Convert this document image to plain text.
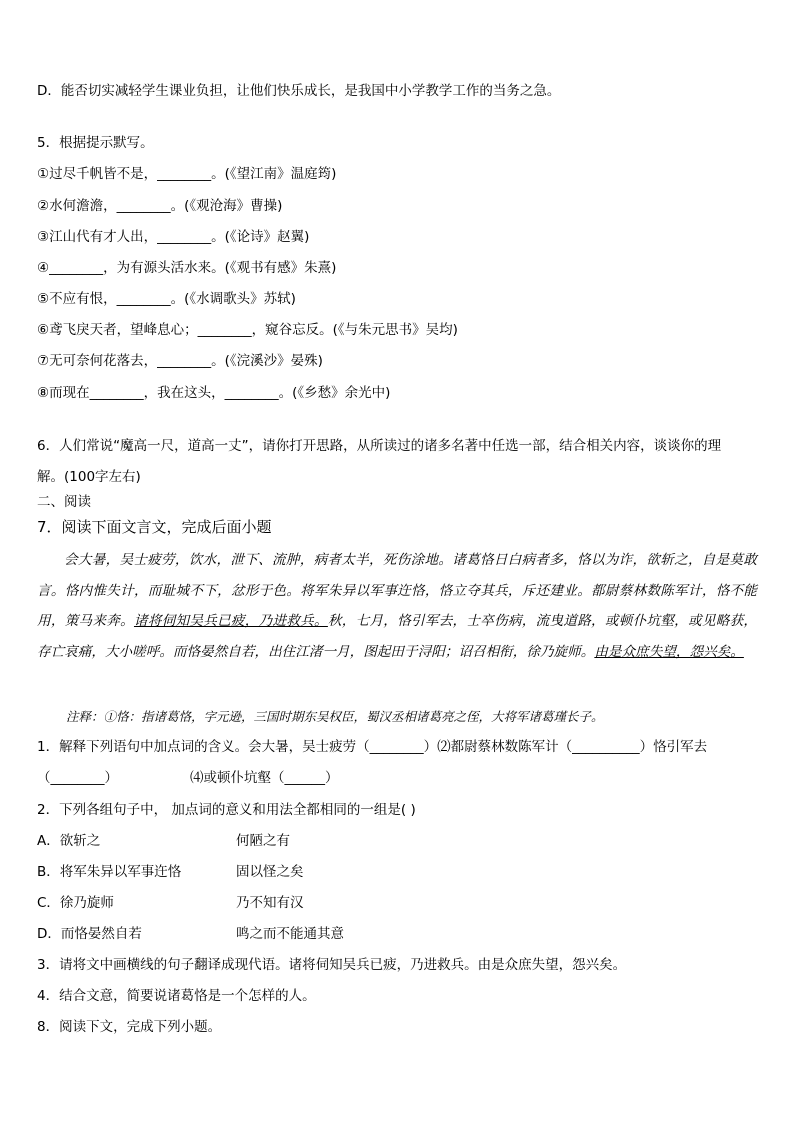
D．能否切实减轻学生课业负担，让他们快乐成长，是我国中小学教学工作的当务之急。
5．根据提示默写。
①过尽千帆皆不是，________。(《望江南》温庭筠)
②水何澹澹，________。(《观沧海》曹操)
③江山代有才人出，________。(《论诗》赵翼)
④________，为有源头活水来。(《观书有感》朱熹)
⑤不应有恨，________。(《水调歌头》苏轼)
⑥鸢飞戾天者，望峰息心；________，窥谷忘反。(《与朱元思书》吴均)
⑦无可奈何花落去，________。(《浣溪沙》晏殊)
⑧而现在________，我在这头，________。(《乡愁》余光中)
6．人们常说“魔高一尺，道高一丈”，请你打开思路，从所读过的诸多名著中任选一部，结合相关内容，谈谈你的理
解。(100字左右)
二、阅读
7．阅读下面文言文，完成后面小题
会大暑，吴士疲劳，饮水，泄下、流肿，病者太半，死伤涂地。诸葛恪日白病者多，恪以为诈，欲斩之，自是莫敢言。恪内惟失计，而耻城不下，忿形于色。将军朱异以军事迕恪，恪立夺其兵，斥还建业。都尉蔡林数陈军计，恪不能用，策马来奔。诸将伺知吴兵已疲，乃进救兵。秋，七月，恪引军去，士卒伤病，流曳道路，或顿仆坑壑，或见略获，存亡哀痛，大小嗟呼。而恪晏然自若，出住江渚一月，图起田于浔阳；诏召相衔，徐乃旋师。由是众庶失望，怨兴矣。
注释：①恪：指诸葛恪，字元逊，三国时期东吴权臣，蜀汉丞相诸葛亮之侄，大将军诸葛瑾长子。
1．解释下列语句中加点词的含义。会大暑，吴士疲劳（________）⑵都尉蔡林数陈军计（__________）恪引军去
（________）	⑷或顿仆坑壑（______）
2．下列各组句子中， 加点词的意义和用法全都相同的一组是( )
A．欲斩之	何陋之有
B．将军朱异以军事迕恪	固以怪之矣
C．徐乃旋师	乃不知有汉
D．而恪晏然自若	鸣之而不能通其意
3．请将文中画横线的句子翻译成现代语。诸将伺知吴兵已疲，乃进救兵。由是众庶失望，怨兴矣。
4．结合文意，简要说诸葛恪是一个怎样的人。
8．阅读下文，完成下列小题。
